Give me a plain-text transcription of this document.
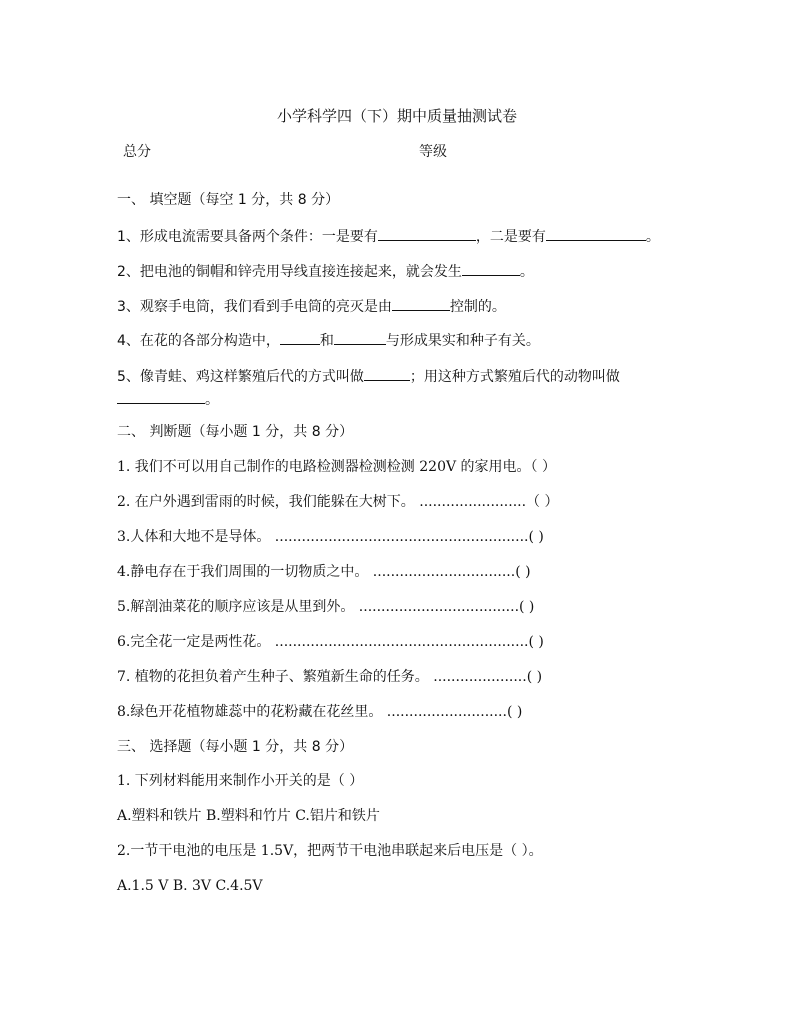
小学科学四（下）期中质量抽测试卷
总分	等级
一、 填空题（每空 1 分，共 8 分）
1、形成电流需要具备两个条件：一是要有	，二是要有	。
2、把电池的铜帽和锌壳用导线直接连接起来，就会发生	。
3、观察手电筒，我们看到手电筒的亮灭是由	控制的。
4、在花的各部分构造中，	和	与形成果实和种子有关。
5、像青蛙、鸡这样繁殖后代的方式叫做	；用这种方式繁殖后代的动物叫做
。
二、 判断题（每小题 1 分，共 8 分）
1. 我们不可以用自己制作的电路检测器检测检测 220V 的家用电。（ ）
2. 在户外遇到雷雨的时候，我们能躲在大树下。 ........................（ ）
3.人体和大地不是导体。 .........................................................( )
4.静电存在于我们周围的一切物质之中。 ................................( )
5.解剖油菜花的顺序应该是从里到外。 ....................................( )
6.完全花一定是两性花。 .........................................................( )
7. 植物的花担负着产生种子、繁殖新生命的任务。 .....................( )
8.绿色开花植物雄蕊中的花粉藏在花丝里。 ...........................( )
三、 选择题（每小题 1 分，共 8 分）
1. 下列材料能用来制作小开关的是（ ）
A.塑料和铁片 B.塑料和竹片 C.铝片和铁片
2.一节干电池的电压是 1.5V，把两节干电池串联起来后电压是（ ）。
A.1.5 V B. 3V C.4.5V
